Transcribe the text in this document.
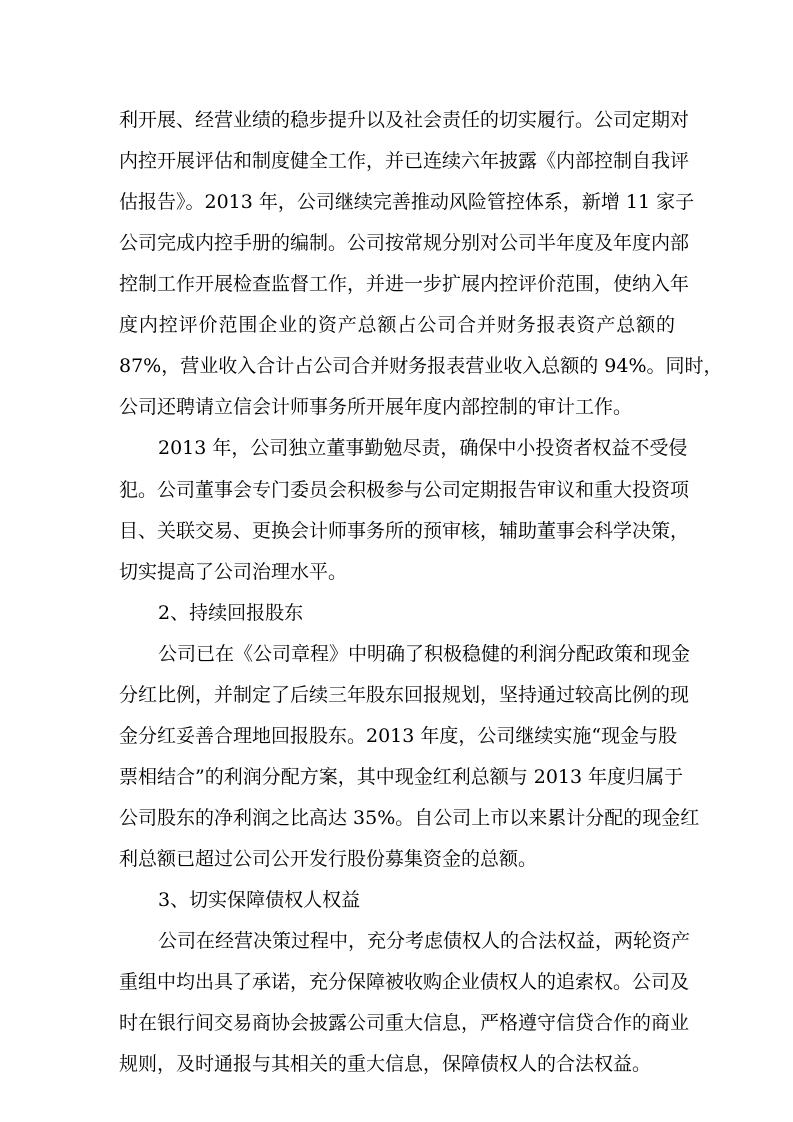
利开展、经营业绩的稳步提升以及社会责任的切实履行。公司定期对
内控开展评估和制度健全工作，并已连续六年披露《内部控制自我评
估报告》。2013 年，公司继续完善推动风险管控体系，新增 11 家子
公司完成内控手册的编制。公司按常规分别对公司半年度及年度内部
控制工作开展检查监督工作，并进一步扩展内控评价范围，使纳入年
度内控评价范围企业的资产总额占公司合并财务报表资产总额的
87%，营业收入合计占公司合并财务报表营业收入总额的 94%。同时，
公司还聘请立信会计师事务所开展年度内部控制的审计工作。
2013 年，公司独立董事勤勉尽责，确保中小投资者权益不受侵
犯。公司董事会专门委员会积极参与公司定期报告审议和重大投资项
目、关联交易、更换会计师事务所的预审核，辅助董事会科学决策，
切实提高了公司治理水平。
2、持续回报股东
公司已在《公司章程》中明确了积极稳健的利润分配政策和现金
分红比例，并制定了后续三年股东回报规划，坚持通过较高比例的现
金分红妥善合理地回报股东。2013 年度，公司继续实施“现金与股
票相结合”的利润分配方案，其中现金红利总额与 2013 年度归属于
公司股东的净利润之比高达 35%。自公司上市以来累计分配的现金红
利总额已超过公司公开发行股份募集资金的总额。
3、切实保障债权人权益
公司在经营决策过程中，充分考虑债权人的合法权益，两轮资产
重组中均出具了承诺，充分保障被收购企业债权人的追索权。公司及
时在银行间交易商协会披露公司重大信息，严格遵守信贷合作的商业
规则，及时通报与其相关的重大信息，保障债权人的合法权益。
